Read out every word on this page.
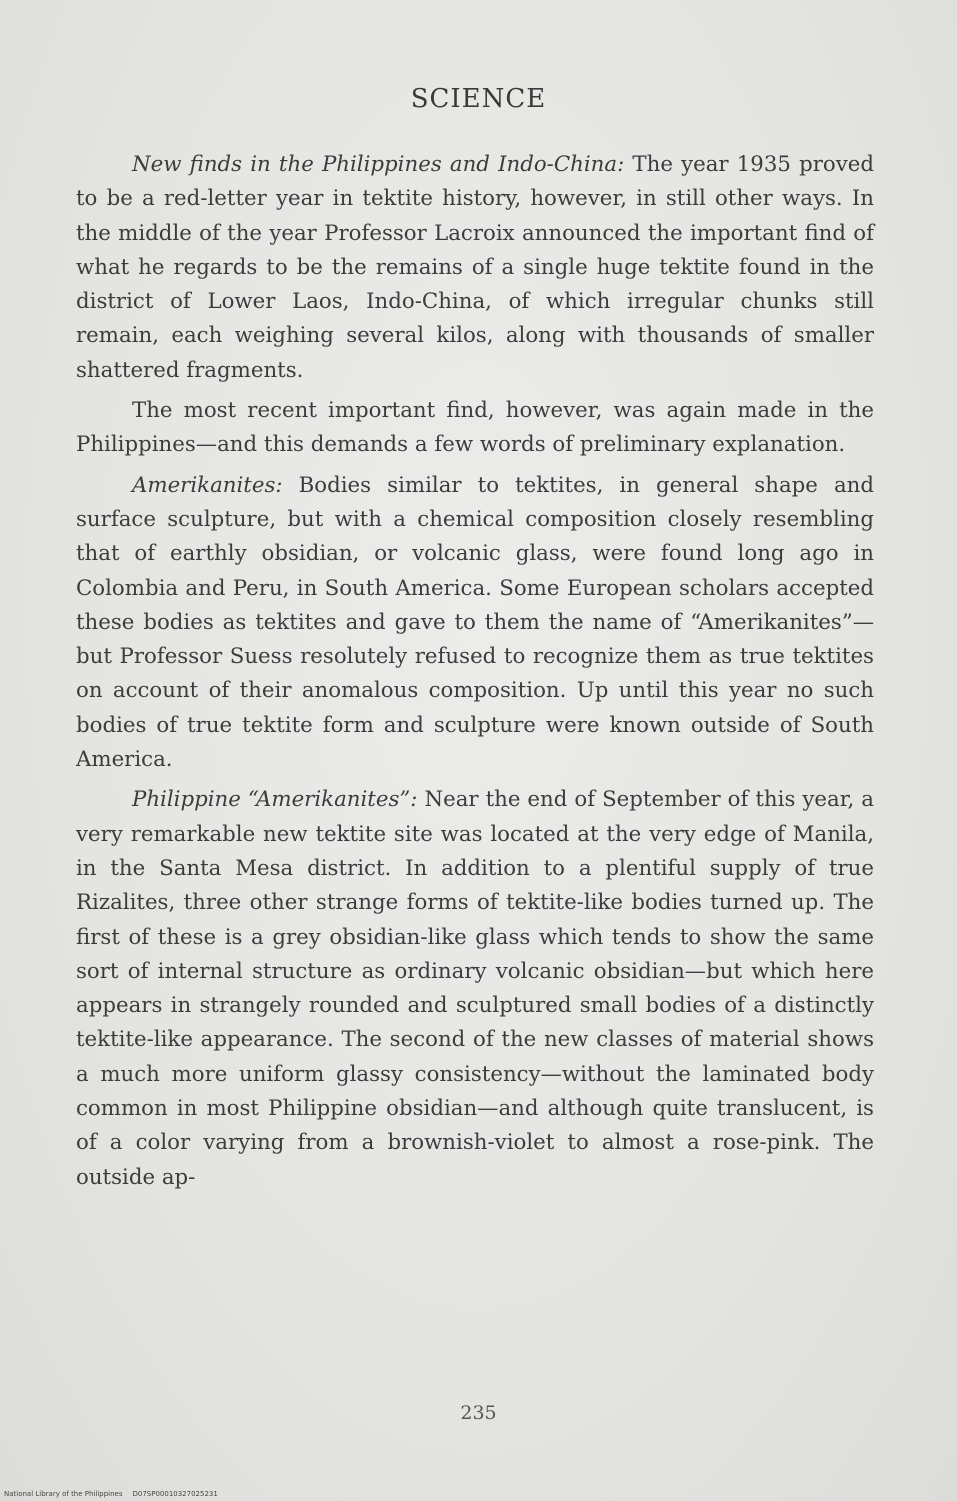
SCIENCE

New finds in the Philippines and Indo-China: The year 1935 proved to be a red-letter year in tektite history, however, in still other ways. In the middle of the year Professor Lacroix announced the important find of what he regards to be the remains of a single huge tektite found in the district of Lower Laos, Indo-China, of which irregular chunks still remain, each weighing several kilos, along with thousands of smaller shattered fragments.

The most recent important find, however, was again made in the Philippines—and this demands a few words of preliminary explanation.

Amerikanites: Bodies similar to tektites, in general shape and surface sculpture, but with a chemical composition closely resembling that of earthly obsidian, or volcanic glass, were found long ago in Colombia and Peru, in South America. Some European scholars accepted these bodies as tektites and gave to them the name of “Amerikanites”—but Professor Suess resolutely refused to recognize them as true tektites on account of their anomalous composition. Up until this year no such bodies of true tektite form and sculpture were known outside of South America.

Philippine “Amerikanites”: Near the end of September of this year, a very remarkable new tektite site was located at the very edge of Manila, in the Santa Mesa district. In addition to a plentiful supply of true Rizalites, three other strange forms of tektite-like bodies turned up. The first of these is a grey obsidian-like glass which tends to show the same sort of internal structure as ordinary volcanic obsidian—but which here appears in strangely rounded and sculptured small bodies of a distinctly tektite-like appearance. The second of the new classes of material shows a much more uniform glassy consistency—without the laminated body common in most Philippine obsidian—and although quite translucent, is of a color varying from a brownish-violet to almost a rose-pink. The outside ap-

235
National Library of the Philippines D07SP00010327025231
